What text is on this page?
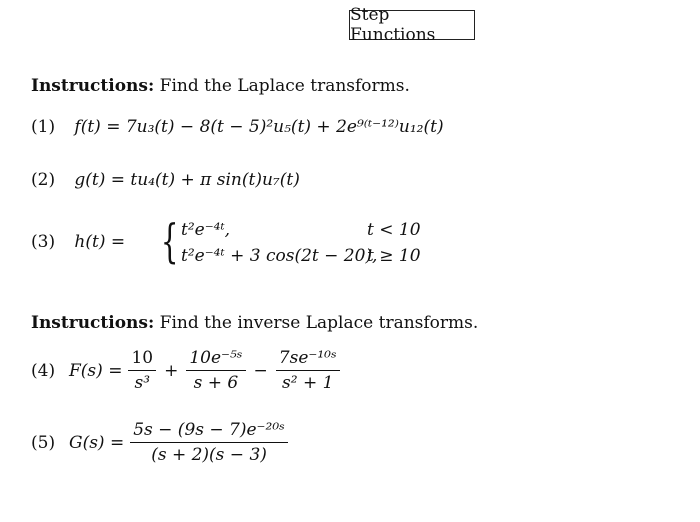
Step Functions
Instructions: Find the Laplace transforms.
(1) f(t) = 7u₃(t) − 8(t − 5)²u₅(t) + 2e⁹⁽ᵗ⁻¹²⁾u₁₂(t)
(2) g(t) = tu₄(t) + π sin(t)u₇(t)
(3) h(t) = { t²e⁻⁴ᵗ,	t < 10
t²e⁻⁴ᵗ + 3 cos(2t − 20),
t ≥ 10
Instructions: Find the inverse Laplace transforms.
(4) $F(s) = \frac{10}{\text{s³}} + \frac{\text{10e⁻⁵ˢ}}{s + 6} - \frac{\text{7se⁻¹⁰ˢ}}{\text{s² + 1}}$
(5) $G(s) = \frac{\text{5s − (9s − 7)e⁻²⁰ˢ}}{(s + 2)(s - 3)}$
